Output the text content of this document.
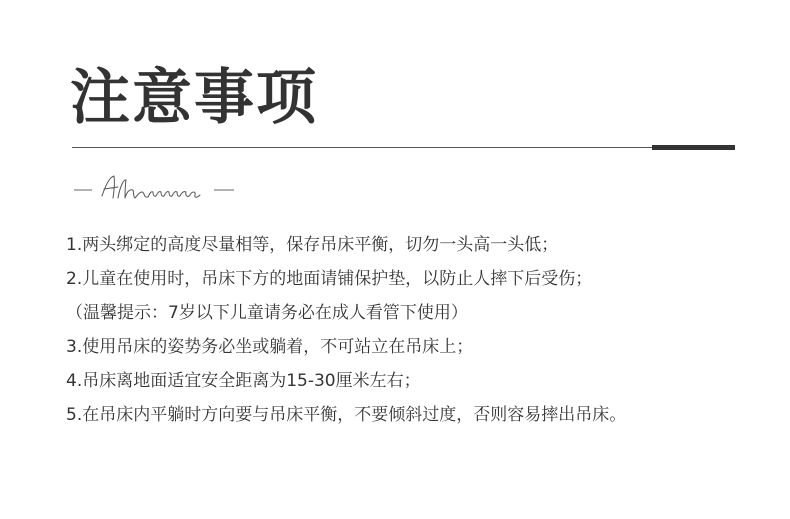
注意事项
1.两头绑定的高度尽量相等，保存吊床平衡，切勿一头高一头低；
2.儿童在使用时，吊床下方的地面请铺保护垫，以防止人摔下后受伤；
（温馨提示：7岁以下儿童请务必在成人看管下使用）
3.使用吊床的姿势务必坐或躺着，不可站立在吊床上；
4.吊床离地面适宜安全距离为15-30厘米左右；
5.在吊床内平躺时方向要与吊床平衡，不要倾斜过度，否则容易摔出吊床。
